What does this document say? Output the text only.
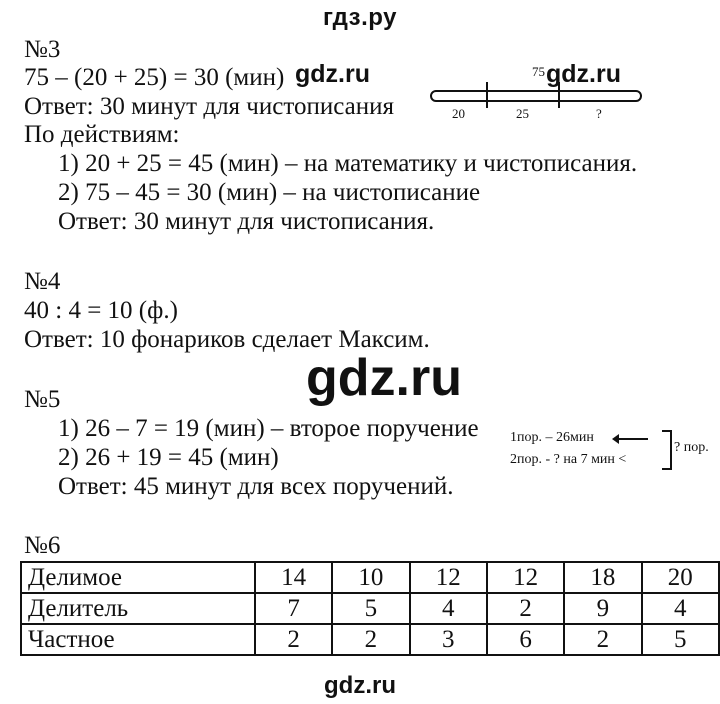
гдз.ру
№3
75 – (20 + 25) = 30 (мин) gdz.ru
Ответ: 30 минут для чистописания
По действиям:
1) 20 + 25 = 45 (мин) – на математику и чистописания.
2) 75 – 45 = 30 (мин) – на чистописание
Ответ: 30 минут для чистописания.
75
20	25	?
gdz.ru
№4
40 : 4 = 10 (ф.)
Ответ: 10 фонариков сделает Максим.
gdz.ru
№5
1) 26 – 7 = 19 (мин) – второе поручение
2) 26 + 19 = 45 (мин)
Ответ: 45 минут для всех поручений.
1пор. – 26мин
2пор. - ? на 7 мин <
? пор.
№6
Делимое	14	10	12	12	18	20
Делитель	7	5	4	2	9	4
Частное	2	2	3	6	2	5
gdz.ru
